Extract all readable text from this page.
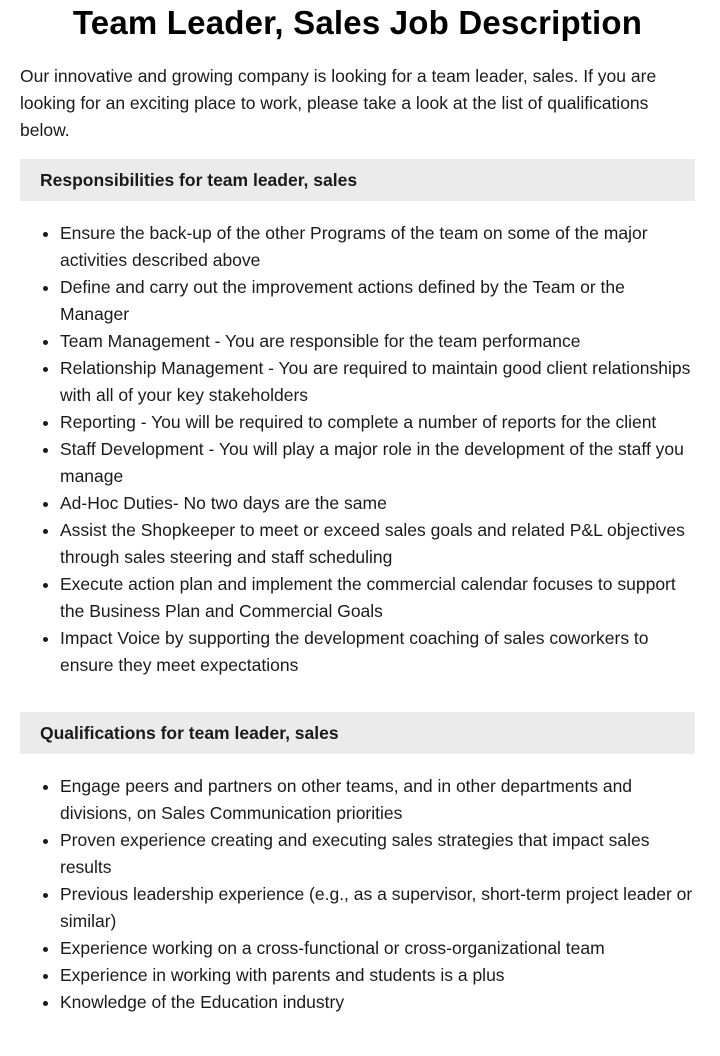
Team Leader, Sales Job Description

Our innovative and growing company is looking for a team leader, sales. If you are looking for an exciting place to work, please take a look at the list of qualifications below.

Responsibilities for team leader, sales
• Ensure the back-up of the other Programs of the team on some of the major activities described above
• Define and carry out the improvement actions defined by the Team or the Manager
• Team Management - You are responsible for the team performance
• Relationship Management - You are required to maintain good client relationships with all of your key stakeholders
• Reporting - You will be required to complete a number of reports for the client
• Staff Development - You will play a major role in the development of the staff you manage
• Ad-Hoc Duties- No two days are the same
• Assist the Shopkeeper to meet or exceed sales goals and related P&L objectives through sales steering and staff scheduling
• Execute action plan and implement the commercial calendar focuses to support the Business Plan and Commercial Goals
• Impact Voice by supporting the development coaching of sales coworkers to ensure they meet expectations
Qualifications for team leader, sales
• Engage peers and partners on other teams, and in other departments and divisions, on Sales Communication priorities
• Proven experience creating and executing sales strategies that impact sales results
• Previous leadership experience (e.g., as a supervisor, short-term project leader or similar)
• Experience working on a cross-functional or cross-organizational team
• Experience in working with parents and students is a plus
• Knowledge of the Education industry
